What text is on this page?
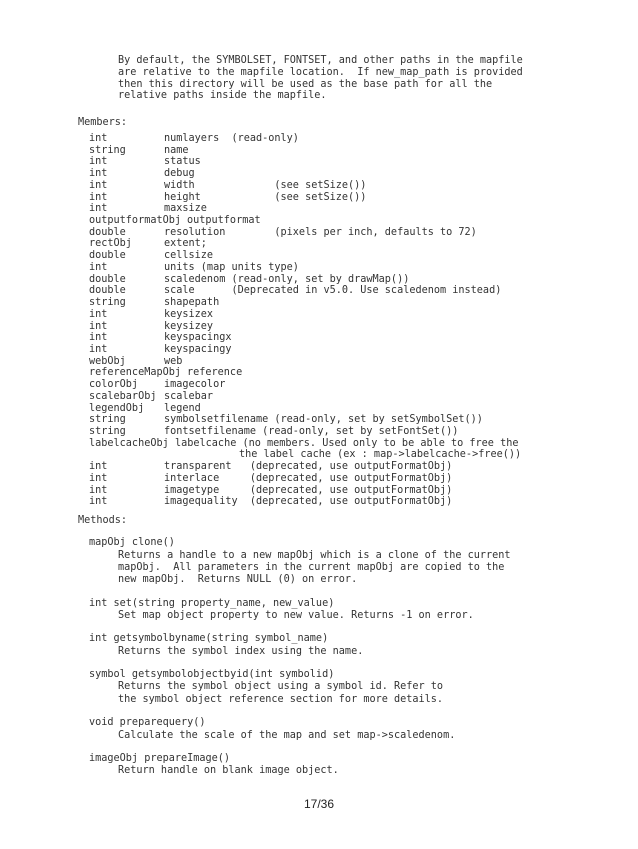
By default, the SYMBOLSET, FONTSET, and other paths in the mapfile
are relative to the mapfile location.  If new_map_path is provided
then this directory will be used as the base path for all the
relative paths inside the mapfile.
Members:
int	numlayers  (read-only)
string	name
int	status
int	debug
int	width             (see setSize())
int	height            (see setSize())
int	maxsize
outputformatObj outputformat
double	resolution        (pixels per inch, defaults to 72)
rectObj	extent;
double	cellsize
int	units (map units type)
double	scaledenom (read-only, set by drawMap())
double	scale      (Deprecated in v5.0. Use scaledenom instead)
string	shapepath
int	keysizex
int	keysizey
int	keyspacingx
int	keyspacingy
webObj	web
referenceMapObj reference
colorObj	imagecolor
scalebarObj scalebar
legendObj legend
string	symbolsetfilename (read-only, set by setSymbolSet())
string	fontsetfilename (read-only, set by setFontSet())
labelcacheObj labelcache (no members. Used only to be able to free the
the label cache (ex : map->labelcache->free())
int	transparent   (deprecated, use outputFormatObj)
int	interlace     (deprecated, use outputFormatObj)
int	imagetype     (deprecated, use outputFormatObj)
int	imagequality  (deprecated, use outputFormatObj)
Methods:
mapObj clone()
Returns a handle to a new mapObj which is a clone of the current
mapObj.  All parameters in the current mapObj are copied to the
new mapObj.  Returns NULL (0) on error.
int set(string property_name, new_value)
Set map object property to new value. Returns -1 on error.
int getsymbolbyname(string symbol_name)
Returns the symbol index using the name.
symbol getsymbolobjectbyid(int symbolid)
Returns the symbol object using a symbol id. Refer to
the symbol object reference section for more details.
void preparequery()
Calculate the scale of the map and set map->scaledenom.
imageObj prepareImage()
Return handle on blank image object.
17/36
